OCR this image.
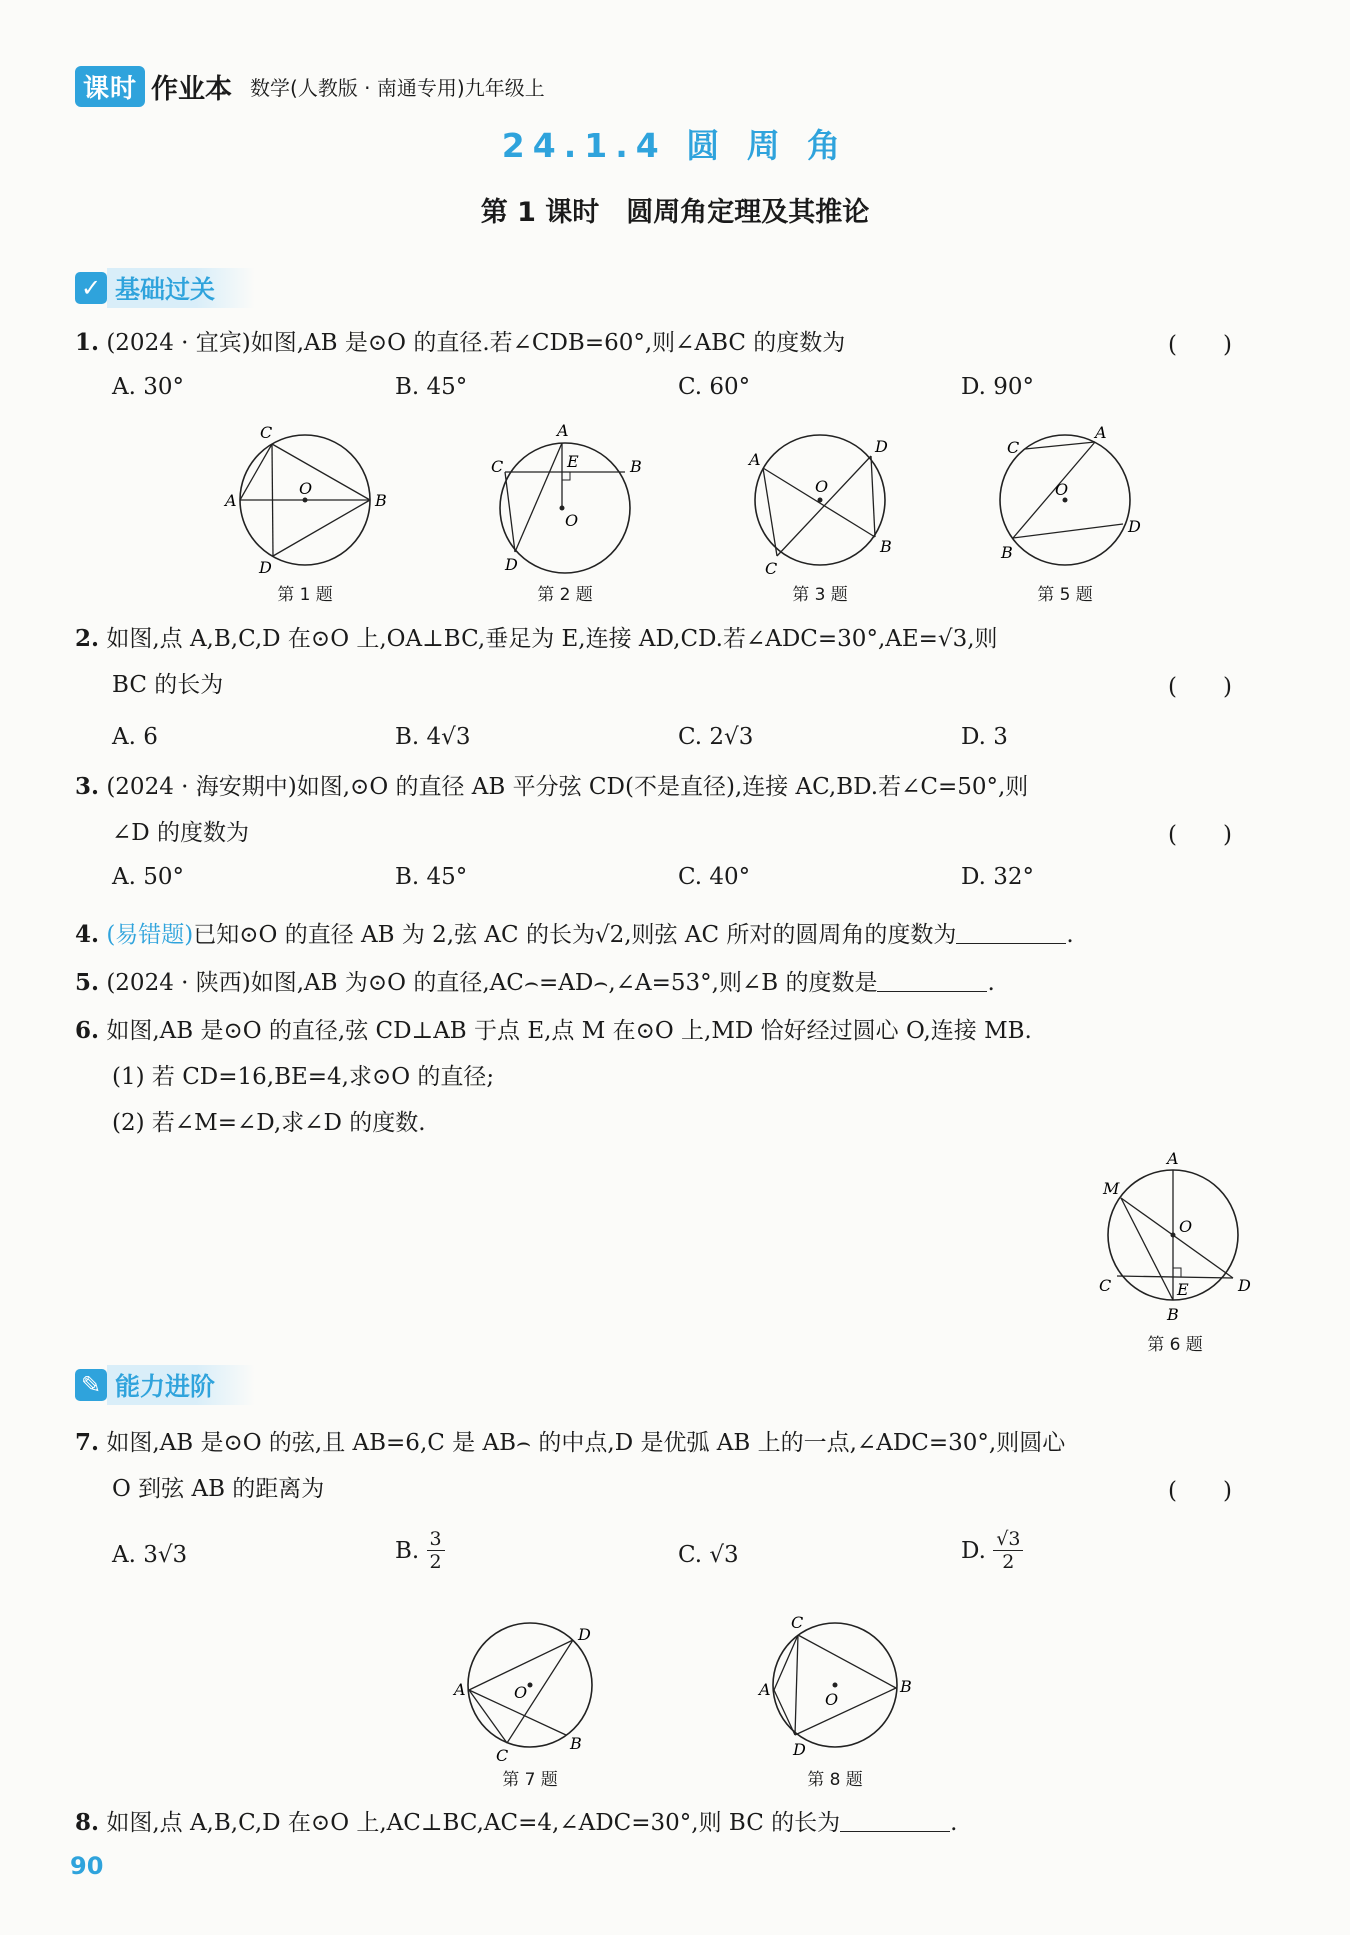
课时 作业本 数学(人教版 · 南通专用)九年级上
24.1.4 圆 周 角
第 1 课时　圆周角定理及其推论
✓ 基础过关
1. (2024 · 宜宾)如图,AB 是⊙O 的直径.若∠CDB=60°,则∠ABC 的度数为	(　　)
A. 30°	B. 45°	C. 60°	D. 90°
C
A	B
O
D
第 1 题
A
C	B
E
O
D
第 2 题
A
D
O
B
C
第 3 题
C
A
O
D
B
第 5 题
2. 如图,点 A,B,C,D 在⊙O 上,OA⊥BC,垂足为 E,连接 AD,CD.若∠ADC=30°,AE=√3,则
BC 的长为	(　　)
A. 6	B. 4√3	C. 2√3	D. 3
3. (2024 · 海安期中)如图,⊙O 的直径 AB 平分弦 CD(不是直径),连接 AC,BD.若∠C=50°,则
∠D 的度数为	(　　)
A. 50°	B. 45°	C. 40°	D. 32°
4. (易错题)已知⊙O 的直径 AB 为 2,弦 AC 的长为√2,则弦 AC 所对的圆周角的度数为	.
5. (2024 · 陕西)如图,AB 为⊙O 的直径,AC⌢=AD⌢,∠A=53°,则∠B 的度数是	.
6. 如图,AB 是⊙O 的直径,弦 CD⊥AB 于点 E,点 M 在⊙O 上,MD 恰好经过圆心 O,连接 MB.
(1) 若 CD=16,BE=4,求⊙O 的直径;
(2) 若∠M=∠D,求∠D 的度数.
A
M
O
C	E	D
B
第 6 题
✎ 能力进阶
7. 如图,AB 是⊙O 的弦,且 AB=6,C 是 AB⌢ 的中点,D 是优弧 AB 上的一点,∠ADC=30°,则圆心
O 到弦 AB 的距离为	(　　)
A. 3√3	B.
$\frac{3}{2}$	C. √3	D.
$\frac{√3}{2}$
D
A	O
B
C
第 7 题
C
A	B
O
D
第 8 题
8. 如图,点 A,B,C,D 在⊙O 上,AC⊥BC,AC=4,∠ADC=30°,则 BC 的长为	.
90
